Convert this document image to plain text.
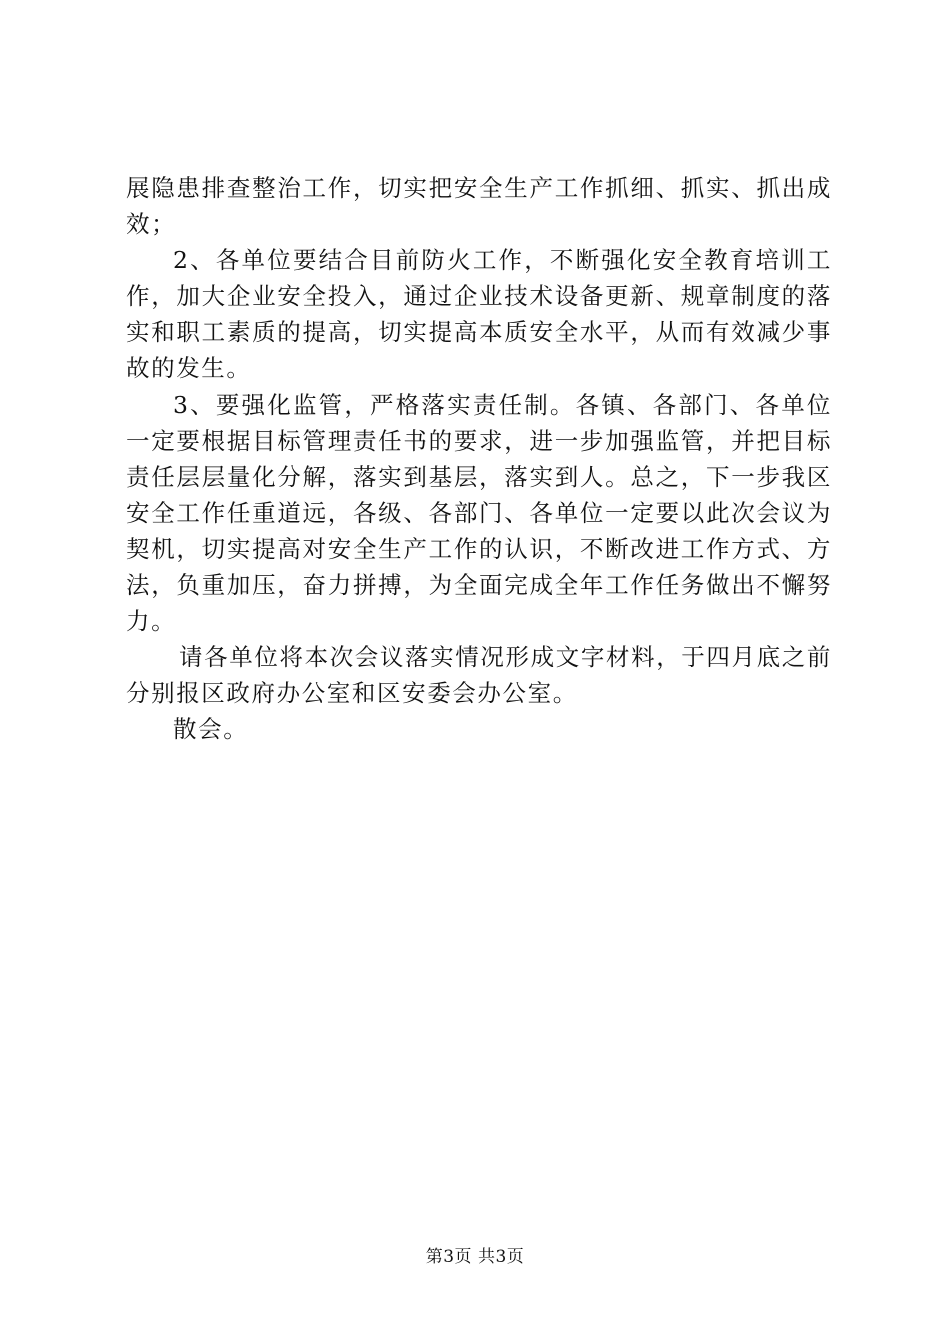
展隐患排查整治工作，切实把安全生产工作抓细、抓实、抓出成效；

2、各单位要结合目前防火工作，不断强化安全教育培训工作，加大企业安全投入，通过企业技术设备更新、规章制度的落实和职工素质的提高，切实提高本质安全水平，从而有效减少事故的发生。

3、要强化监管，严格落实责任制。各镇、各部门、各单位一定要根据目标管理责任书的要求，进一步加强监管，并把目标责任层层量化分解，落实到基层，落实到人。总之，下一步我区安全工作任重道远，各级、各部门、各单位一定要以此次会议为契机，切实提高对安全生产工作的认识，不断改进工作方式、方法，负重加压，奋力拼搏，为全面完成全年工作任务做出不懈努力。

请各单位将本次会议落实情况形成文字材料，于四月底之前分别报区政府办公室和区安委会办公室。

散会。

第3页 共3页
